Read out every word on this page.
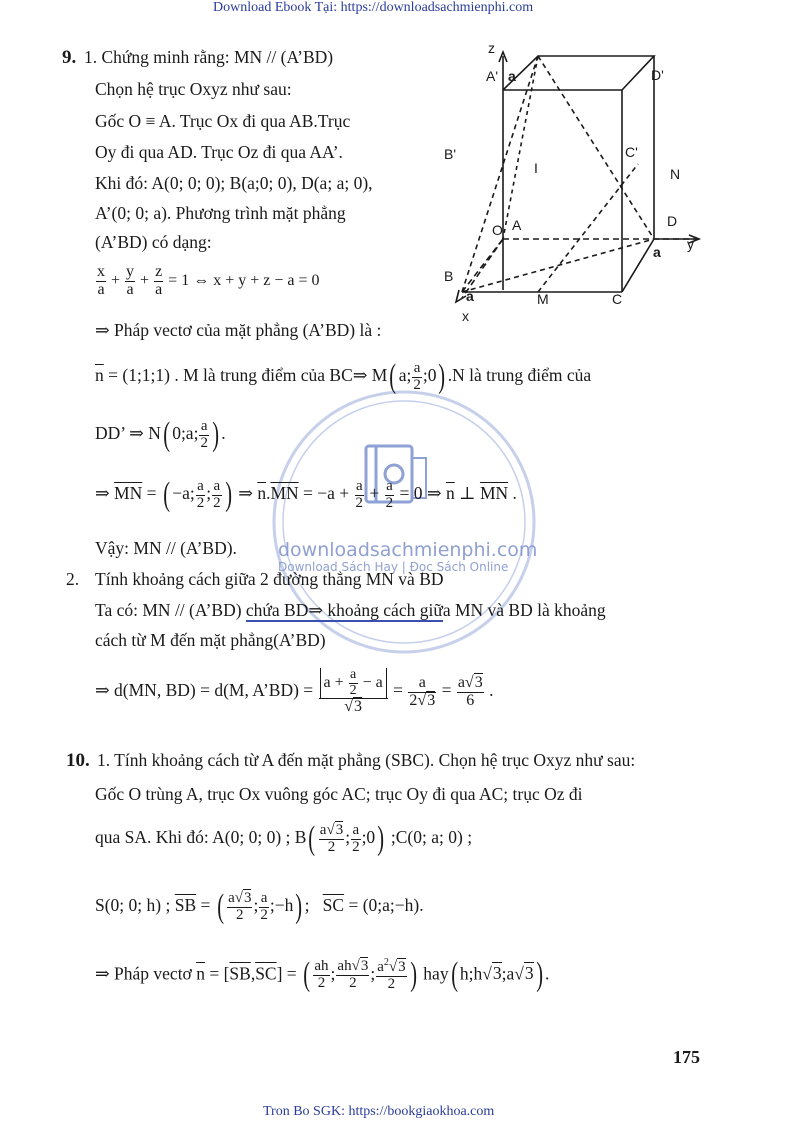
Download Ebook Tại: https://downloadsachmienphi.com
Tron Bo SGK: https://bookgiaokhoa.com
downloadsachmienphi.com
Download Sách Hay | Đọc Sách Online
z
A' a	D'
B'	C'
I	N
O A	D
y
a
B
a	M	C
x
9. 1. Chứng minh rằng: MN // (A’BD)
Chọn hệ trục Oxyz như sau:
Gốc O ≡ A. Trục Ox đi qua AB.Trục
Oy đi qua AD. Trục Oz đi qua AA’.
Khi đó: A(0; 0; 0); B(a;0; 0), D(a; a; 0),
A’(0; 0; a). Phương trình mặt phẳng
(A’BD) có dạng:
$\frac{x}{a} + \frac{y}{a} + \frac{z}{a} = 1$ ⇔ x + y + z − a = 0
⇒ Pháp vectơ của mặt phẳng (A’BD) là :
$\overline{n}$ = (1;1;1) . M là trung điểm của BC⇒ M( a; $\frac{a}{2}$ ;0) .N là trung điểm của
DD’ ⇒ N( 0;a; $\frac{a}{2}$ ) .
⇒ $\overline{MN}$ = ( −a; $\frac{a}{2}$ ; $\frac{a}{2}$ ) ⇒ $\overline{n}.\overline{MN} = -a + \frac{a}{2} + \frac{a}{2} = 0$ ⇒ $\overline{n}$ ⊥ $\overline{MN}$ .
Vậy: MN // (A’BD).
2. Tính khoảng cách giữa 2 đường thẳng MN và BD
Ta có: MN // (A’BD) chứa BD⇒ khoảng cách giữa MN và BD là khoảng
cách từ M đến mặt phẳng(A’BD)
⇒ d(MN, BD) = d(M, A’BD) = $\frac{a + \frac{a}{2} - a}{√3} = \frac{a}{2√3} = \frac{a√3}{6}$ .
10. 1. Tính khoảng cách từ A đến mặt phẳng (SBC). Chọn hệ trục Oxyz như sau:
Gốc O trùng A, trục Ox vuông góc AC; trục Oy đi qua AC; trục Oz đi
qua SA. Khi đó: A(0; 0; 0) ; $B( \frac{a√3}{2}$ ; $\frac{a}{2}$ ;0) ;C(0; a; 0) ;
S(0; 0; h) ; $\overline{SB}$ = ( $\frac{a√3}{2}$ ; $\frac{a}{2}$ ;−h) ;   $\overline{SC}$ = (0;a;−h).
⇒ Pháp vectơ $\overline{n} = [\overline{SB},\overline{SC}]$ = ( $\frac{ah}{2}$ ; $\frac{ah√3}{2}$ ; $\frac{a^2√3}{2}$ ) hay( h;h√3;a√3) .
175
